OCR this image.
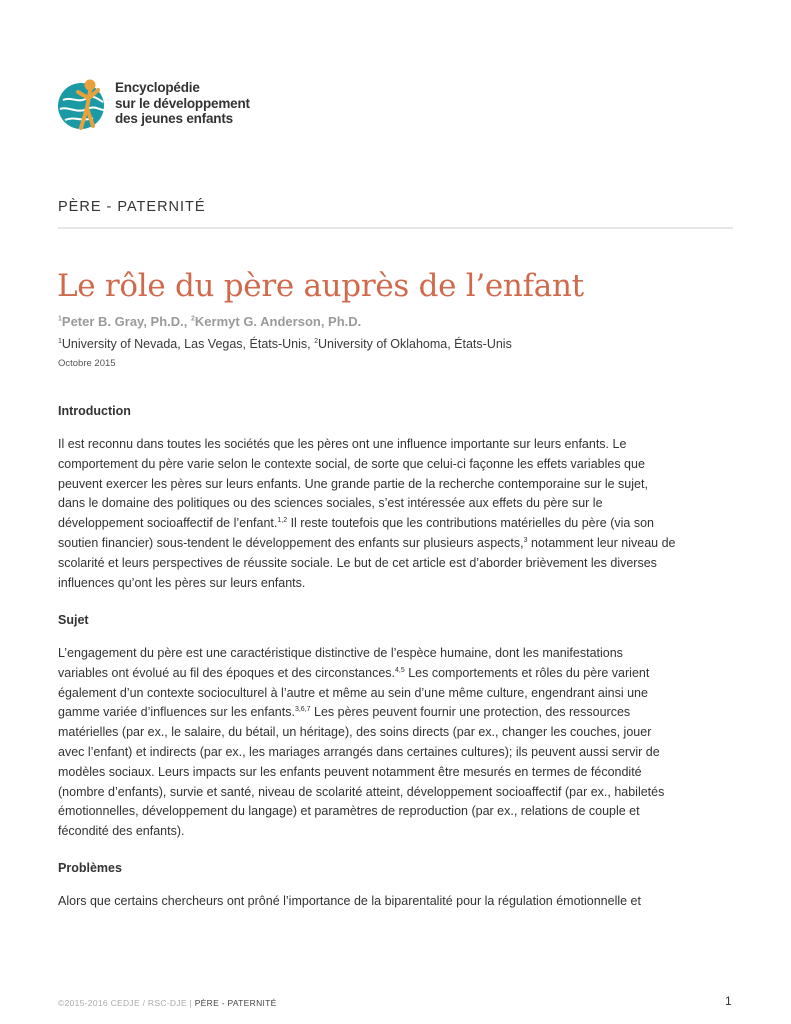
Encyclopédie
sur le développement
des jeunes enfants
PÈRE - PATERNITÉ
Le rôle du père auprès de l’enfant
$^1$Peter B. Gray, Ph.D., $^2$Kermyt G. Anderson, Ph.D.
$^1$University of Nevada, Las Vegas, États-Unis, $^2$University of Oklahoma, États-Unis
Octobre 2015
Introduction
Il est reconnu dans toutes les sociétés que les pères ont une influence importante sur leurs enfants. Le
comportement du père varie selon le contexte social, de sorte que celui-ci façonne les effets variables que
peuvent exercer les pères sur leurs enfants. Une grande partie de la recherche contemporaine sur le sujet,
dans le domaine des politiques ou des sciences sociales, s’est intéressée aux effets du père sur le
développement socioaffectif de l’enfant.$^{1,2}$ Il reste toutefois que les contributions matérielles du père (via son
soutien financier) sous-tendent le développement des enfants sur plusieurs aspects,$^3$ notamment leur niveau de
scolarité et leurs perspectives de réussite sociale. Le but de cet article est d’aborder brièvement les diverses
influences qu’ont les pères sur leurs enfants.
Sujet
L’engagement du père est une caractéristique distinctive de l’espèce humaine, dont les manifestations
variables ont évolué au fil des époques et des circonstances.$^{4,5}$ Les comportements et rôles du père varient
également d’un contexte socioculturel à l’autre et même au sein d’une même culture, engendrant ainsi une
gamme variée d’influences sur les enfants.$^{3,6,7}$ Les pères peuvent fournir une protection, des ressources
matérielles (par ex., le salaire, du bétail, un héritage), des soins directs (par ex., changer les couches, jouer
avec l’enfant) et indirects (par ex., les mariages arrangés dans certaines cultures); ils peuvent aussi servir de
modèles sociaux. Leurs impacts sur les enfants peuvent notamment être mesurés en termes de fécondité
(nombre d’enfants), survie et santé, niveau de scolarité atteint, développement socioaffectif (par ex., habiletés
émotionnelles, développement du langage) et paramètres de reproduction (par ex., relations de couple et
fécondité des enfants).
Problèmes
Alors que certains chercheurs ont prôné l’importance de la biparentalité pour la régulation émotionnelle et
©2015-2016 CEDJE / RSC-DJE | PÈRE - PATERNITÉ	1
